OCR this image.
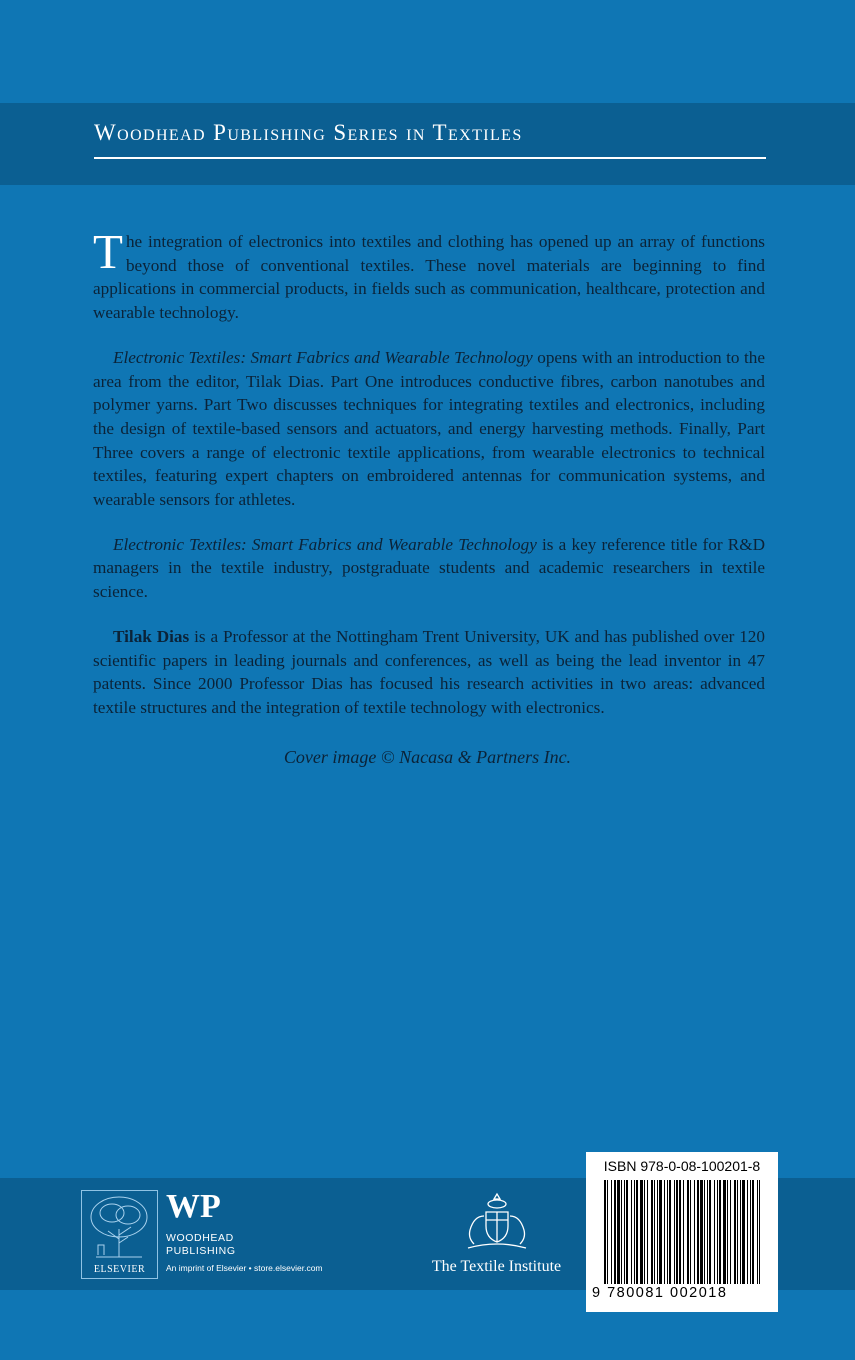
Woodhead Publishing Series in Textiles

The integration of electronics into textiles and clothing has opened up an array of functions beyond those of conventional textiles. These novel materials are beginning to find applications in commercial products, in fields such as communication, healthcare, protection and wearable technology.

Electronic Textiles: Smart Fabrics and Wearable Technology opens with an introduction to the area from the editor, Tilak Dias. Part One introduces conductive fibres, carbon nanotubes and polymer yarns. Part Two discusses techniques for integrating textiles and electronics, including the design of textile-based sensors and actuators, and energy harvesting methods. Finally, Part Three covers a range of electronic textile applications, from wearable electronics to technical textiles, featuring expert chapters on embroidered antennas for communication systems, and wearable sensors for athletes.

Electronic Textiles: Smart Fabrics and Wearable Technology is a key reference title for R&D managers in the textile industry, postgraduate students and academic researchers in textile science.

Tilak Dias is a Professor at the Nottingham Trent University, UK and has published over 120 scientific papers in leading journals and conferences, as well as being the lead inventor in 47 patents. Since 2000 Professor Dias has focused his research activities in two areas: advanced textile structures and the integration of textile technology with electronics.

Cover image © Nacasa & Partners Inc.
ELSEVIER
WP
WOODHEAD
PUBLISHING
An imprint of Elsevier • store.elsevier.com	The Textile Institute
ISBN 978-0-08-100201-8
9 780081 002018
